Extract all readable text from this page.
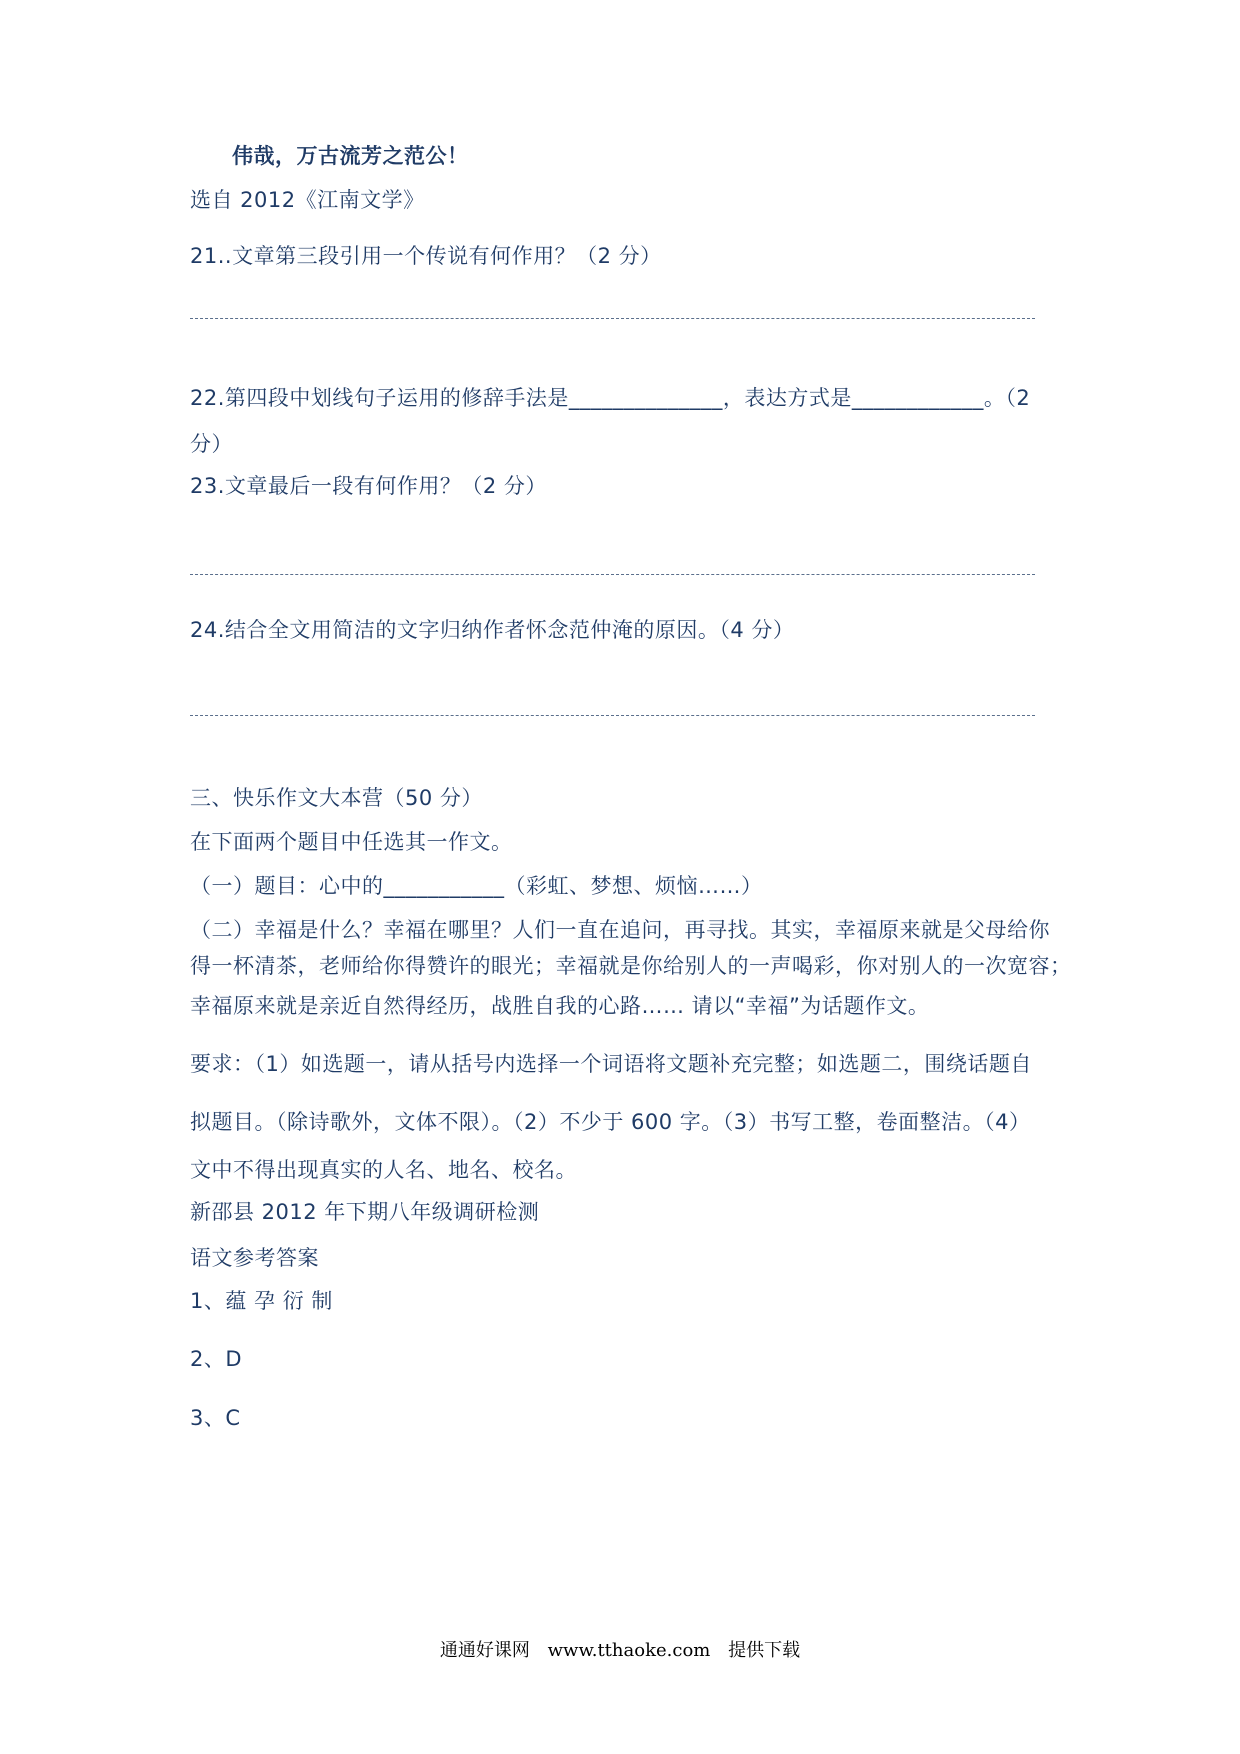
伟哉，万古流芳之范公！
选自 2012《江南文学》
21..文章第三段引用一个传说有何作用？（2 分）
22.第四段中划线句子运用的修辞手法是______________，表达方式是____________。（2
分）
23.文章最后一段有何作用？（2 分）
24.结合全文用简洁的文字归纳作者怀念范仲淹的原因。（4 分）
三、快乐作文大本营（50 分）
在下面两个题目中任选其一作文。
（一）题目：心中的___________（彩虹、梦想、烦恼……）
（二）幸福是什么？幸福在哪里？人们一直在追问，再寻找。其实，幸福原来就是父母给你
得一杯清茶，老师给你得赞许的眼光；幸福就是你给别人的一声喝彩，你对别人的一次宽容；
幸福原来就是亲近自然得经历，战胜自我的心路…… 请以“幸福”为话题作文。
要求：（1）如选题一，请从括号内选择一个词语将文题补充完整；如选题二，围绕话题自
拟题目。（除诗歌外，文体不限）。（2）不少于 600 字。（3）书写工整，卷面整洁。（4）
文中不得出现真实的人名、地名、校名。
新邵县 2012 年下期八年级调研检测
语文参考答案
1、蕴 孕 衍 制
2、D
3、C
通通好课网 www.tthaoke.com 提供下载
